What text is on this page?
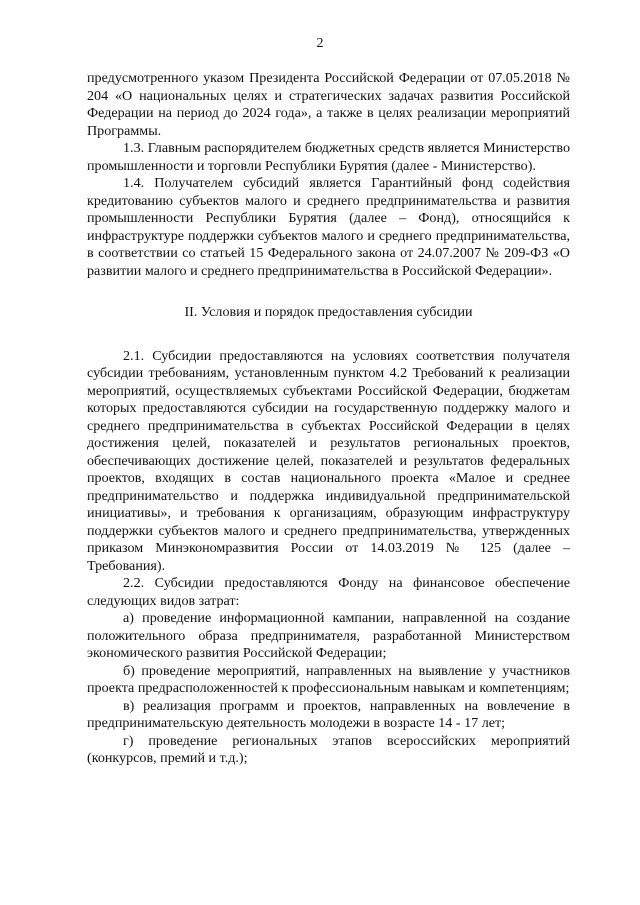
2

предусмотренного указом Президента Российской Федерации от 07.05.2018 № 204 «О национальных целях и стратегических задачах развития Российской Федерации на период до 2024 года», а также в целях реализации мероприятий Программы.

1.3. Главным распорядителем бюджетных средств является Министерство промышленности и торговли Республики Бурятия (далее - Министерство).

1.4. Получателем субсидий является Гарантийный фонд содействия кредитованию субъектов малого и среднего предпринимательства и развития промышленности Республики Бурятия (далее – Фонд), относящийся к инфраструктуре поддержки субъектов малого и среднего предпринимательства, в соответствии со статьей 15 Федерального закона от 24.07.2007 № 209-ФЗ «О развитии малого и среднего предпринимательства в Российской Федерации».

II. Условия и порядок предоставления субсидии

2.1. Субсидии предоставляются на условиях соответствия получателя субсидии требованиям, установленным пунктом 4.2 Требований к реализации мероприятий, осуществляемых субъектами Российской Федерации, бюджетам которых предоставляются субсидии на государственную поддержку малого и среднего предпринимательства в субъектах Российской Федерации в целях достижения целей, показателей и результатов региональных проектов, обеспечивающих достижение целей, показателей и результатов федеральных проектов, входящих в состав национального проекта «Малое и среднее предпринимательство и поддержка индивидуальной предпринимательской инициативы», и требования к организациям, образующим инфраструктуру поддержки субъектов малого и среднего предпринимательства, утвержденных приказом Минэкономразвития России от 14.03.2019 № 125 (далее – Требования).

2.2. Субсидии предоставляются Фонду на финансовое обеспечение следующих видов затрат:

а) проведение информационной кампании, направленной на создание положительного образа предпринимателя, разработанной Министерством экономического развития Российской Федерации;

б) проведение мероприятий, направленных на выявление у участников проекта предрасположенностей к профессиональным навыкам и компетенциям;

в) реализация программ и проектов, направленных на вовлечение в предпринимательскую деятельность молодежи в возрасте 14 - 17 лет;

г) проведение региональных этапов всероссийских мероприятий (конкурсов, премий и т.д.);
